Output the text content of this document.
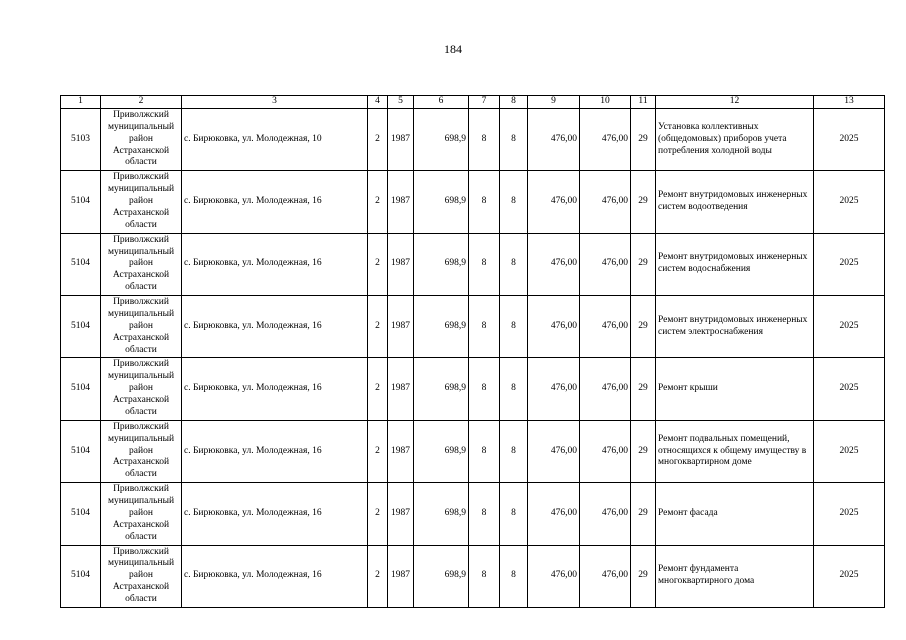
184
1	2	3	4	5	6	7	8	9	10	11	12	13
5103	Приволжский муниципальный район Астраханской области	с. Бирюковка, ул. Молодежная, 10	2	1987	698,9	8	8	476,00	476,00	29	Установка коллективных (общедомовых) приборов учета потребления холодной воды	2025
5104	Приволжский муниципальный район Астраханской области	с. Бирюковка, ул. Молодежная, 16	2	1987	698,9	8	8	476,00	476,00	29	Ремонт внутридомовых инженерных систем водоотведения	2025
5104	Приволжский муниципальный район Астраханской области	с. Бирюковка, ул. Молодежная, 16	2	1987	698,9	8	8	476,00	476,00	29	Ремонт внутридомовых инженерных систем водоснабжения	2025
5104	Приволжский муниципальный район Астраханской области	с. Бирюковка, ул. Молодежная, 16	2	1987	698,9	8	8	476,00	476,00	29	Ремонт внутридомовых инженерных систем электроснабжения	2025
5104	Приволжский муниципальный район Астраханской области	с. Бирюковка, ул. Молодежная, 16	2	1987	698,9	8	8	476,00	476,00	29	Ремонт крыши	2025
5104	Приволжский муниципальный район Астраханской области	с. Бирюковка, ул. Молодежная, 16	2	1987	698,9	8	8	476,00	476,00	29	Ремонт подвальных помещений, относящихся к общему имуществу в многоквартирном доме	2025
5104	Приволжский муниципальный район Астраханской области	с. Бирюковка, ул. Молодежная, 16	2	1987	698,9	8	8	476,00	476,00	29	Ремонт фасада	2025
5104	Приволжский муниципальный район Астраханской области	с. Бирюковка, ул. Молодежная, 16	2	1987	698,9	8	8	476,00	476,00	29	Ремонт фундамента многоквартирного дома	2025
